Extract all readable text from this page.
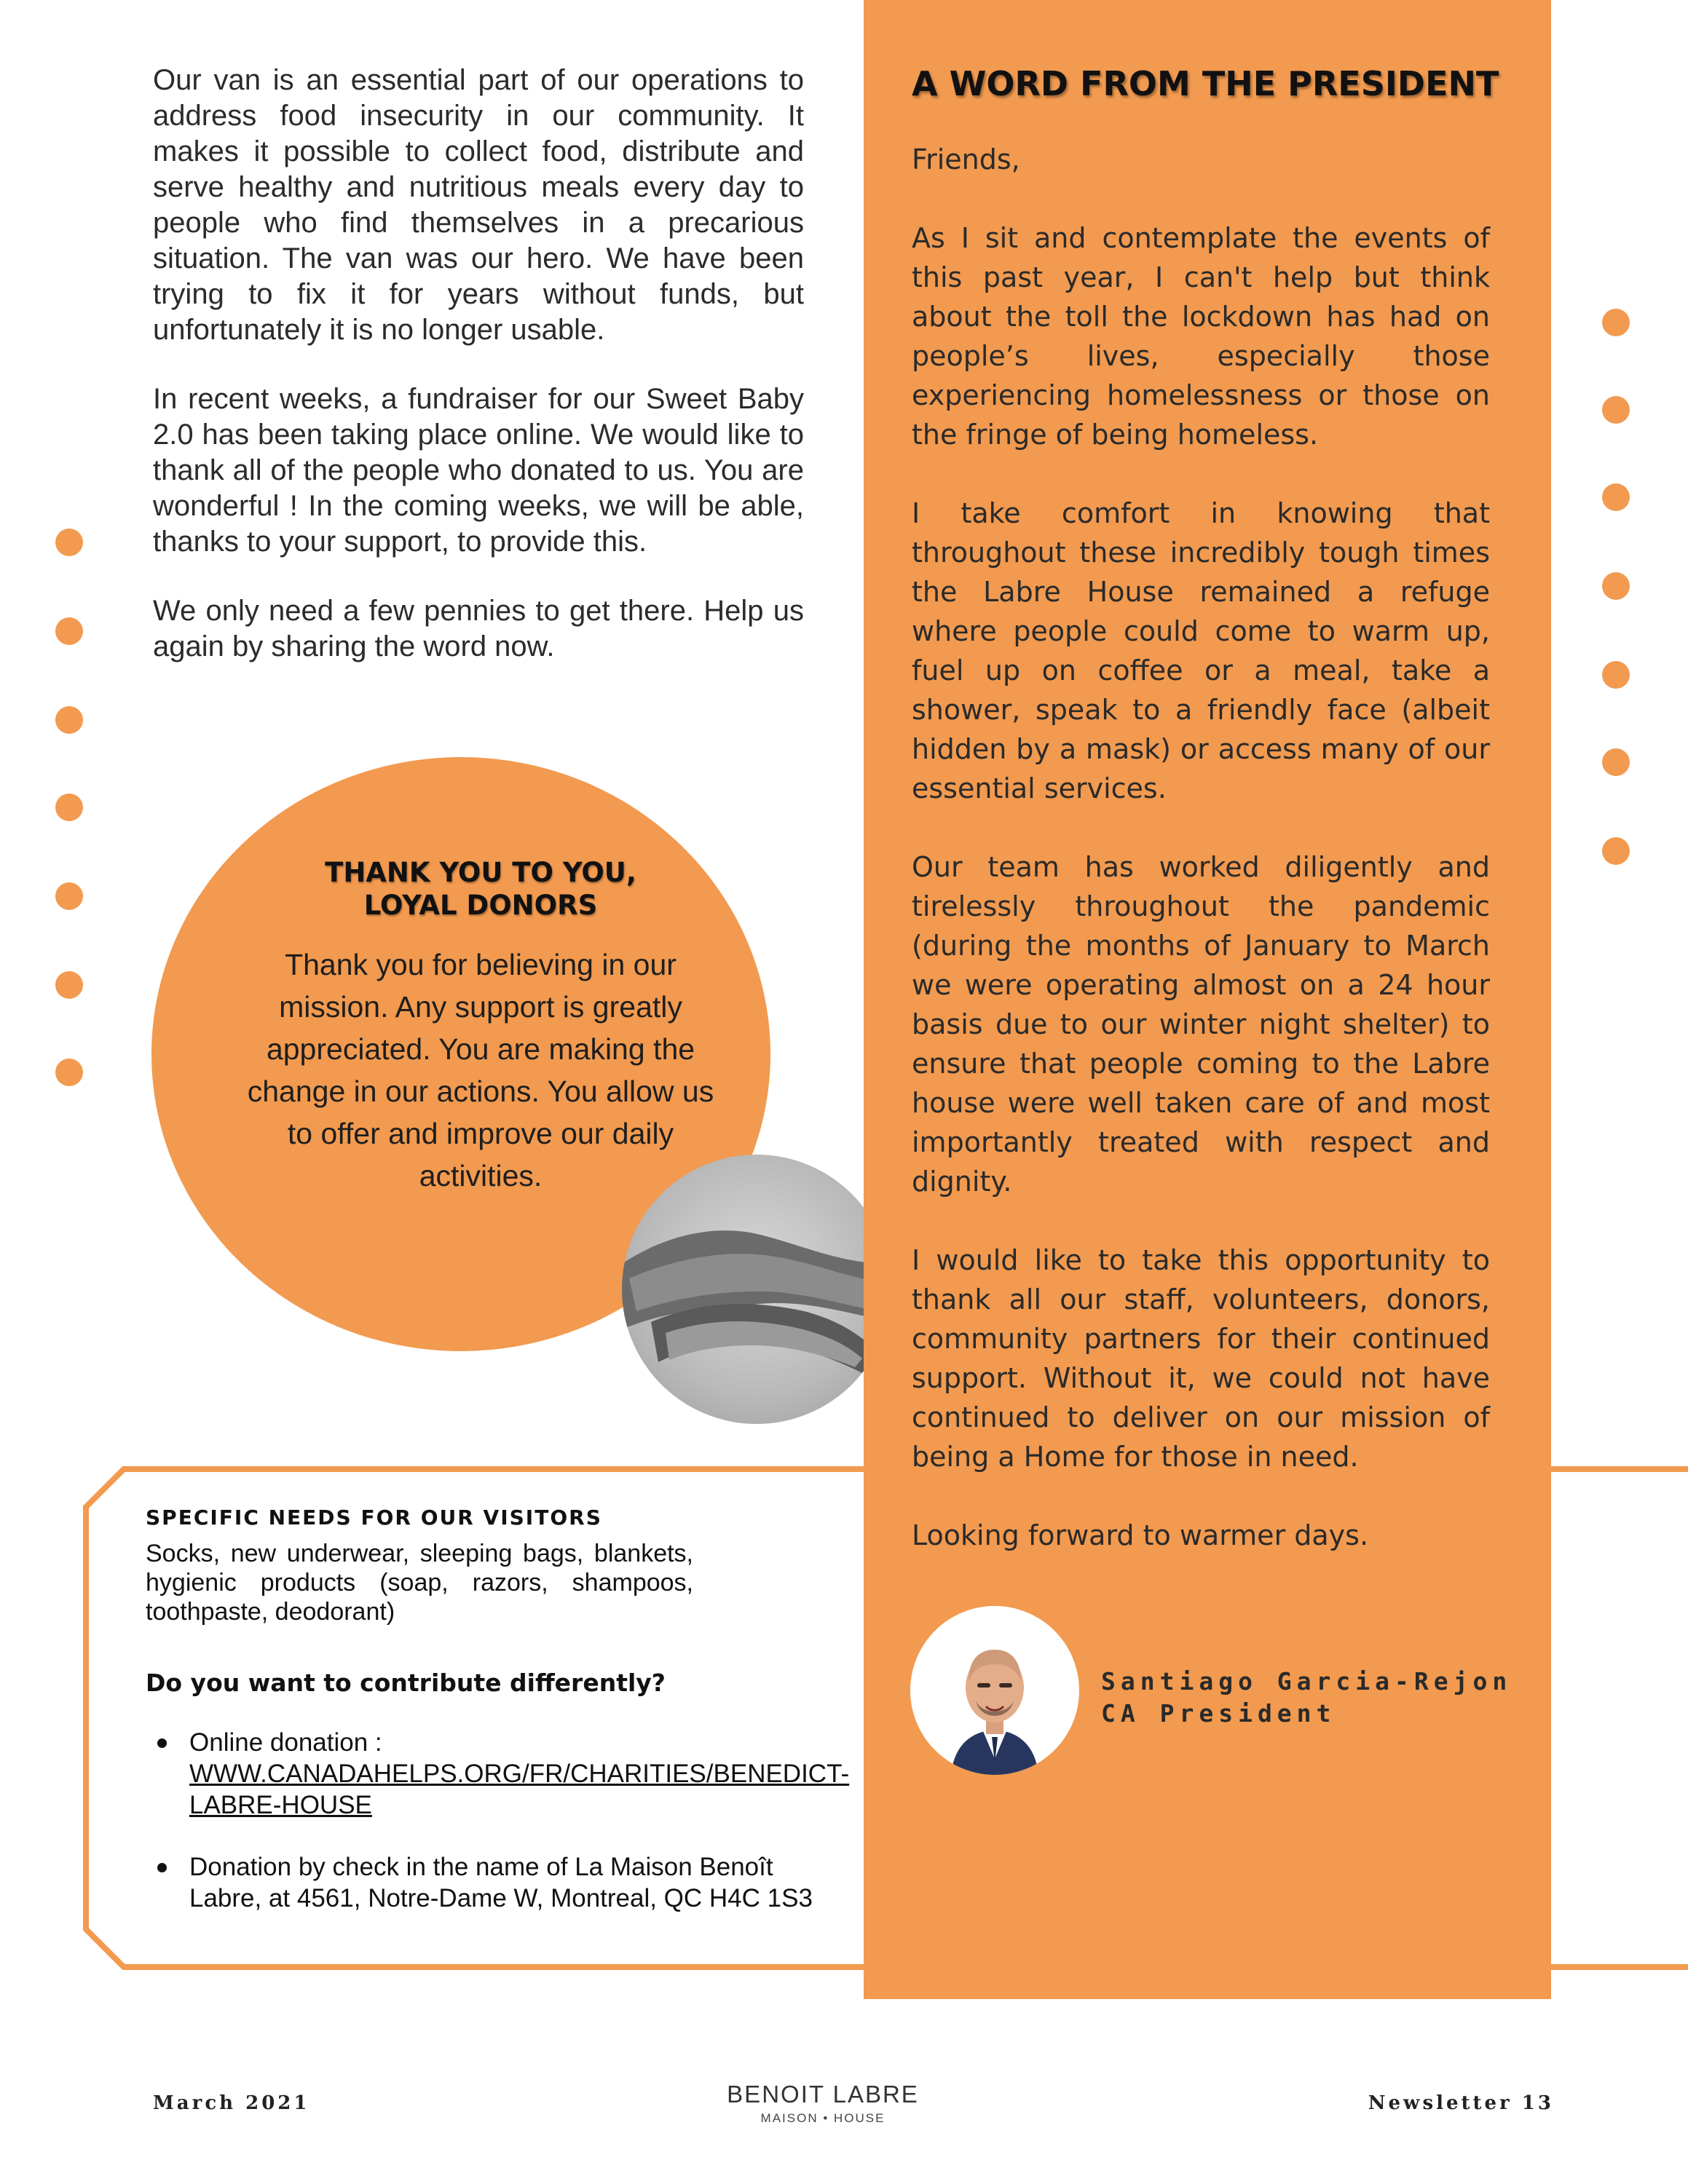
Our van is an essential part of our operations to address food insecurity in our community. It makes it possible to collect food, distribute and serve healthy and nutritious meals every day to people who find themselves in a precarious situation. The van was our hero. We have been trying to fix it for years without funds, but unfortunately it is no longer usable.

In recent weeks, a fundraiser for our Sweet Baby 2.0 has been taking place online. We would like to thank all of the people who donated to us. You are wonderful ! In the coming weeks, we will be able, thanks to your support, to provide this.

We only need a few pennies to get there. Help us again by sharing the word now.

THANK YOU TO YOU,
LOYAL DONORS

Thank you for believing in our mission. Any support is greatly appreciated. You are making the change in our actions. You allow us to offer and improve our daily activities.

SPECIFIC NEEDS FOR OUR VISITORS

Socks, new underwear, sleeping bags, blankets, hygienic products (soap, razors, shampoos, toothpaste, deodorant)

Do you want to contribute differently?
Online donation :
WWW.CANADAHELPS.ORG/FR/CHARITIES/BENEDICT-LABRE-HOUSE
Donation by check in the name of La Maison Benoît Labre, at 4561, Notre-Dame W, Montreal, QC H4C 1S3
A WORD FROM THE PRESIDENT

Friends,

As I sit and contemplate the events of this past year, I can't help but think about the toll the lockdown has had on people’s lives, especially those experiencing homelessness or those on the fringe of being homeless.

I take comfort in knowing that throughout these incredibly tough times the Labre House remained a refuge where people could come to warm up, fuel up on coffee or a meal, take a shower, speak to a friendly face (albeit hidden by a mask) or access many of our essential services.

Our team has worked diligently and tirelessly throughout the pandemic (during the months of January to March we were operating almost on a 24 hour basis due to our winter night shelter) to ensure that people coming to the Labre house were well taken care of and most importantly treated with respect and dignity.

I would like to take this opportunity to thank all our staff, volunteers, donors, community partners for their continued support. Without it, we could not have continued to deliver on our mission of being a Home for those in need.

Looking forward to warmer days.

Santiago Garcia-Rejon

CA President

March 2021	BENOIT LABRE

MAISON • HOUSE

Newsletter 13
